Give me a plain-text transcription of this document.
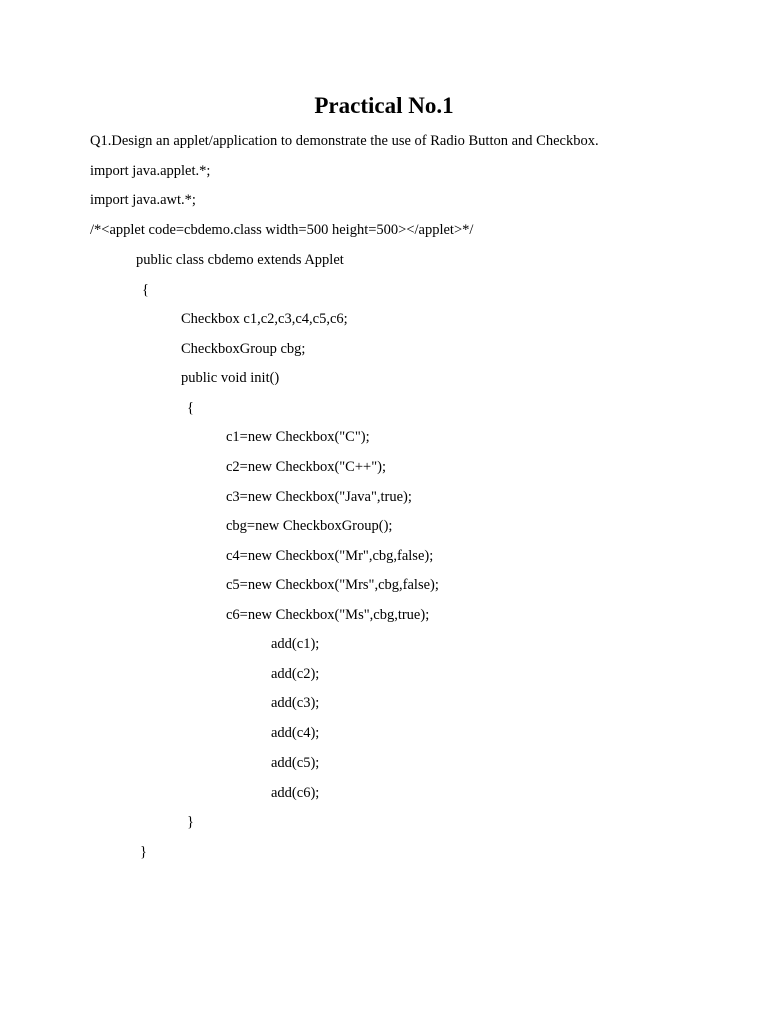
Practical No.1
Q1.Design an applet/application to demonstrate the use of Radio Button and Checkbox.
import java.applet.*;
import java.awt.*;
/*<applet code=cbdemo.class width=500 height=500></applet>*/
public class cbdemo extends Applet
{
Checkbox c1,c2,c3,c4,c5,c6;
CheckboxGroup cbg;
public void init()
{
c1=new Checkbox("C");
c2=new Checkbox("C++");
c3=new Checkbox("Java",true);
cbg=new CheckboxGroup();
c4=new Checkbox("Mr",cbg,false);
c5=new Checkbox("Mrs",cbg,false);
c6=new Checkbox("Ms",cbg,true);
add(c1);
add(c2);
add(c3);
add(c4);
add(c5);
add(c6);
}
}
